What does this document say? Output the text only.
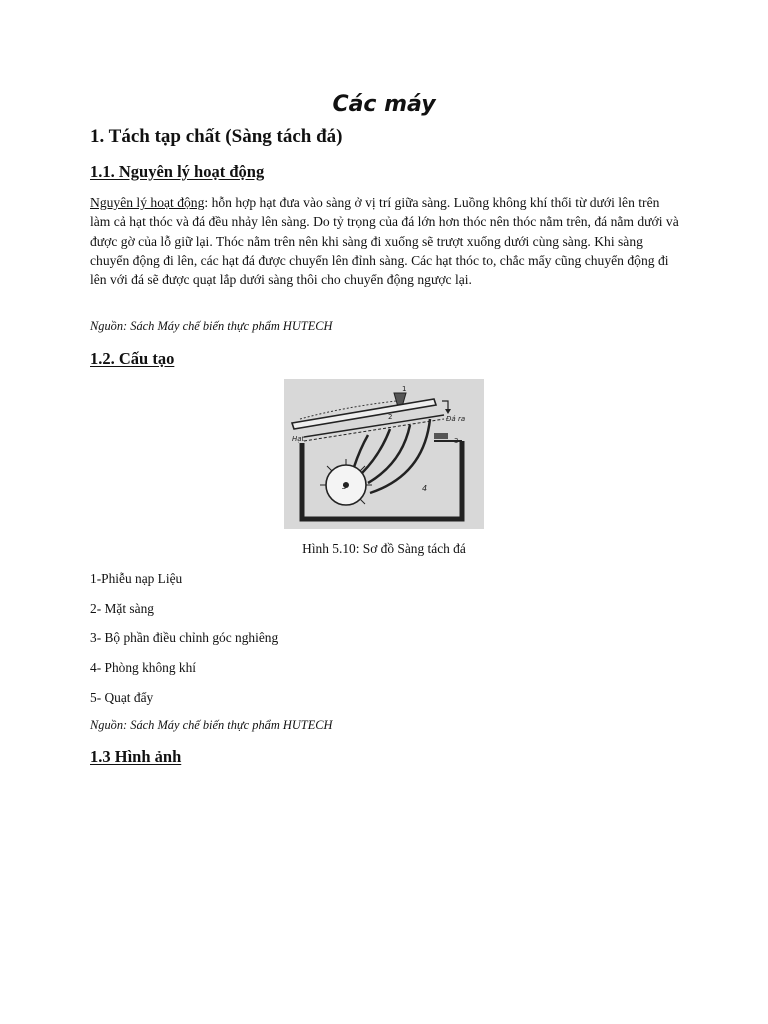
Các máy
1. Tách tạp chất (Sàng tách đá)
1.1. Nguyên lý hoạt động

Nguyên lý hoạt động: hỗn hợp hạt đưa vào sàng ở vị trí giữa sàng. Luồng không khí thổi từ dưới lên trên làm cả hạt thóc và đá đều nhảy lên sàng. Do tỷ trọng của đá lớn hơn thóc nên thóc nằm trên, đá nằm dưới và được gờ của lỗ giữ lại. Thóc nằm trên nên khi sàng đi xuống sẽ trượt xuống dưới cùng sàng. Khi sàng chuyển động đi lên, các hạt đá được chuyển lên đỉnh sàng. Các hạt thóc to, chắc mẩy cũng chuyển động đi lên với đá sẽ được quạt lắp dưới sàng thôi cho chuyển động ngược lại.

Nguồn: Sách Máy chế biến thực phẩm HUTECH

1.2. Cấu tạo
Hạt
Đá ra
1
2
3
4
5

Hình 5.10: Sơ đồ Sàng tách đá

1-Phiễu nạp Liệu

2- Mặt sàng

3- Bộ phần điều chỉnh góc nghiêng

4- Phòng không khí

5- Quạt đẩy

Nguồn: Sách Máy chế biến thực phẩm HUTECH

1.3 Hình ảnh
